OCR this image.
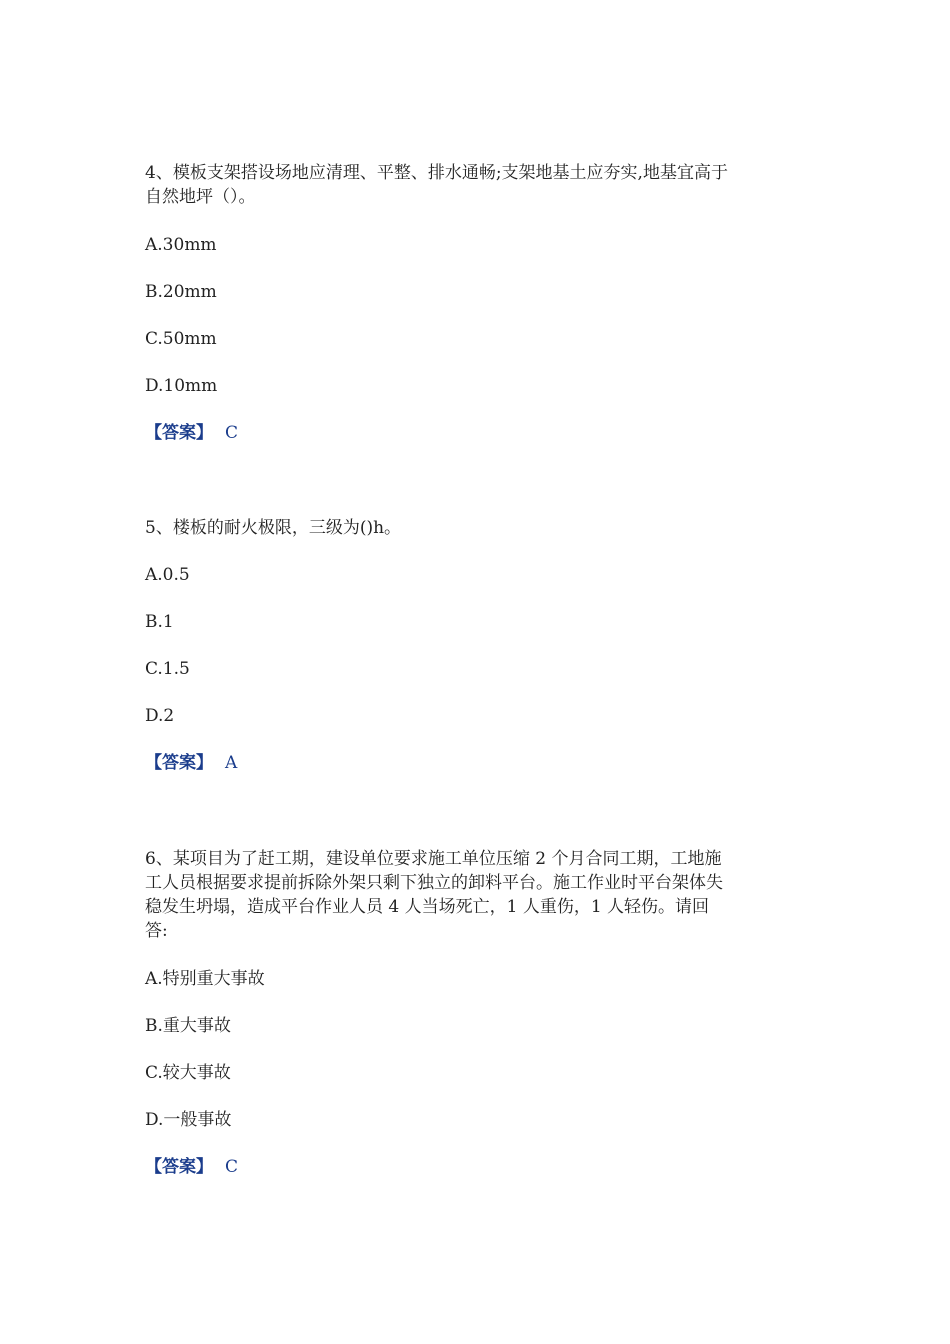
4、模板支架搭设场地应清理、平整、排水通畅;支架地基土应夯实,地基宜高于
自然地坪（）。
A.30mm
B.20mm
C.50mm
D.10mm
【答案】 C
5、楼板的耐火极限，三级为()h。
A.0.5
B.1
C.1.5
D.2
【答案】 A
6、某项目为了赶工期，建设单位要求施工单位压缩 2 个月合同工期，工地施
工人员根据要求提前拆除外架只剩下独立的卸料平台。施工作业时平台架体失
稳发生坍塌，造成平台作业人员 4 人当场死亡，1 人重伤，1 人轻伤。请回
答:
A.特别重大事故
B.重大事故
C.较大事故
D.一般事故
【答案】 C
